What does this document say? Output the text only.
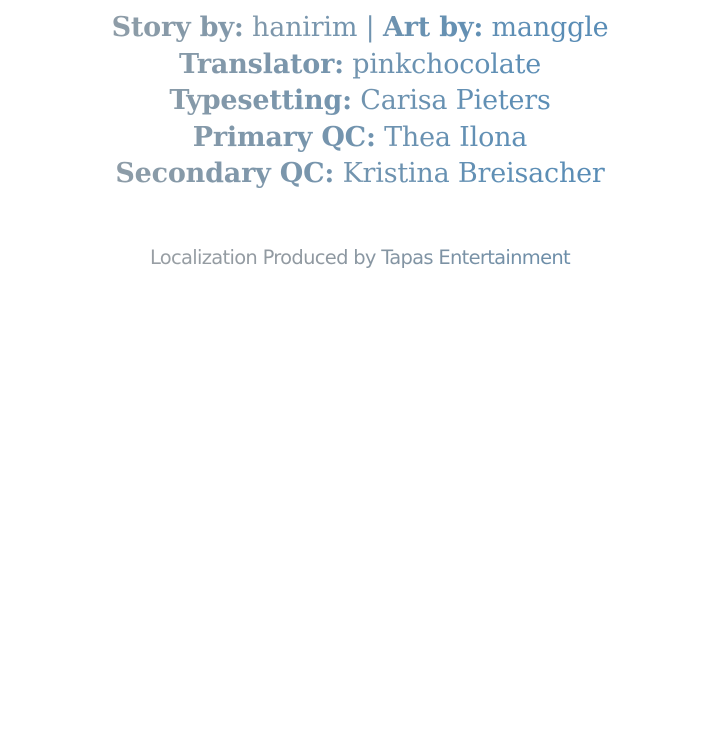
Story by: hanirim | Art by: manggle
Translator: pinkchocolate
Typesetting: Carisa Pieters
Primary QC: Thea Ilona
Secondary QC: Kristina Breisacher
Localization Produced by Tapas Entertainment
